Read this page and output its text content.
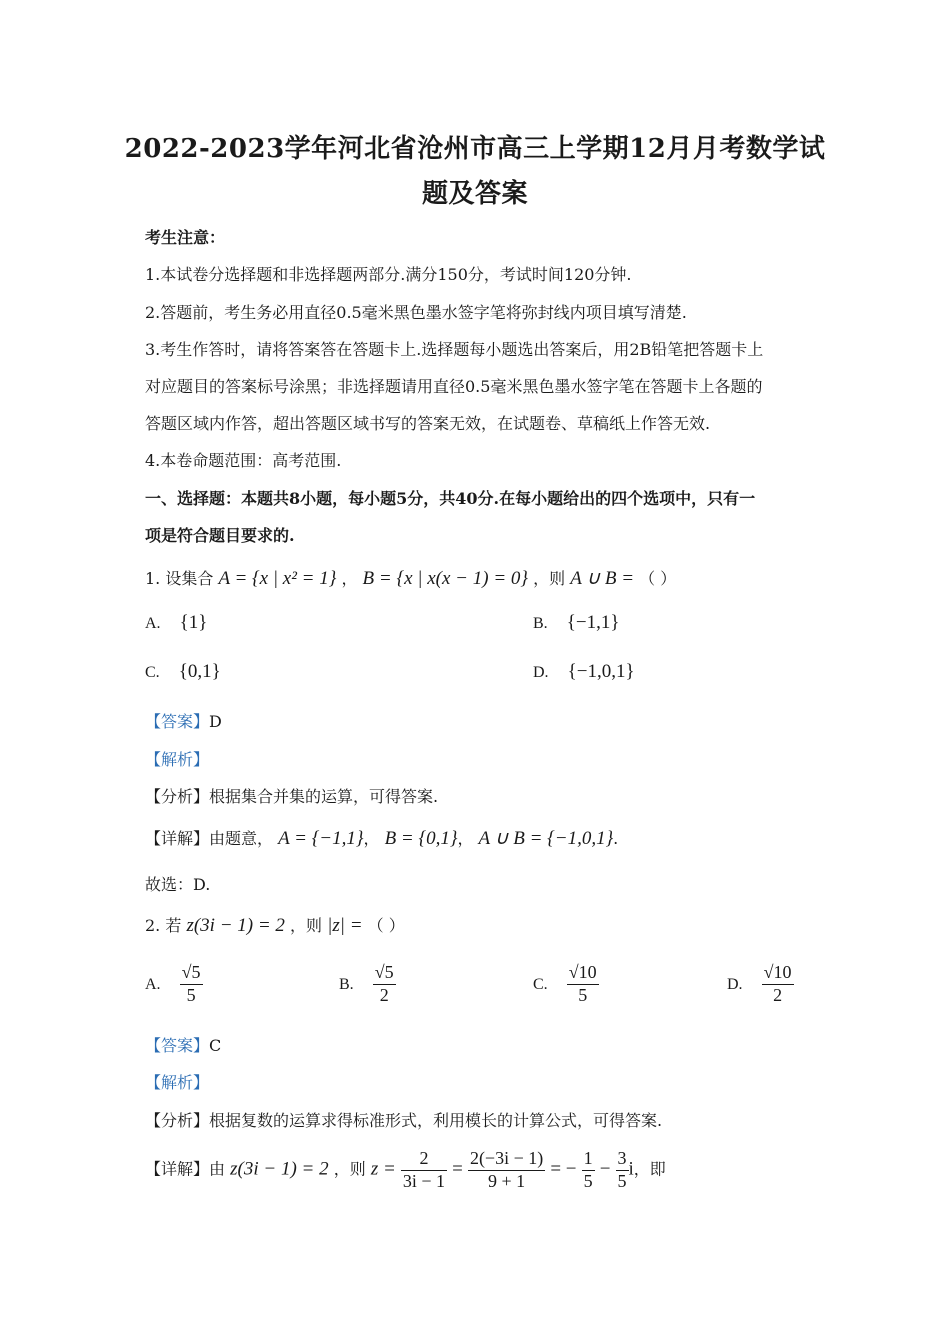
2022-2023学年河北省沧州市高三上学期12月月考数学试
题及答案
考生注意：
1.本试卷分选择题和非选择题两部分.满分150分，考试时间120分钟.
2.答题前，考生务必用直径0.5毫米黑色墨水签字笔将弥封线内项目填写清楚.
3.考生作答时，请将答案答在答题卡上.选择题每小题选出答案后，用2B铅笔把答题卡上
对应题目的答案标号涂黑；非选择题请用直径0.5毫米黑色墨水签字笔在答题卡上各题的
答题区域内作答，超出答题区域书写的答案无效，在试题卷、草稿纸上作答无效.
4.本卷命题范围：高考范围.
一、选择题：本题共8小题，每小题5分，共40分.在每小题给出的四个选项中，只有一
项是符合题目要求的.
1. 设集合 A = {x | x² = 1} ， B = {x | x(x − 1) = 0} ，则 A ∪ B = （ ）
A. {1}	B. {−1,1}
C. {0,1}	D. {−1,0,1}
【答案】D
【解析】
【分析】根据集合并集的运算，可得答案.
【详解】由题意， A = {−1,1}， B = {0,1}， A ∪ B = {−1,0,1}.
故选：D.
2. 若 z(3i − 1) = 2 ，则 |z| = （ ）
A. $\frac{√5}{5}$	B. $\frac{√5}{2}$	C. $\frac{√10}{5}$	D. $\frac{√10}{2}$
【答案】C
【解析】
【分析】根据复数的运算求得标准形式，利用模长的计算公式，可得答案.
【详解】由 z(3i − 1) = 2 ，则 $z = \frac{2}{3i - 1} = \frac{2(-3i - 1)}{9 + 1}$ = − $\frac{1}{5} - \frac{3}{5}$ i，即
